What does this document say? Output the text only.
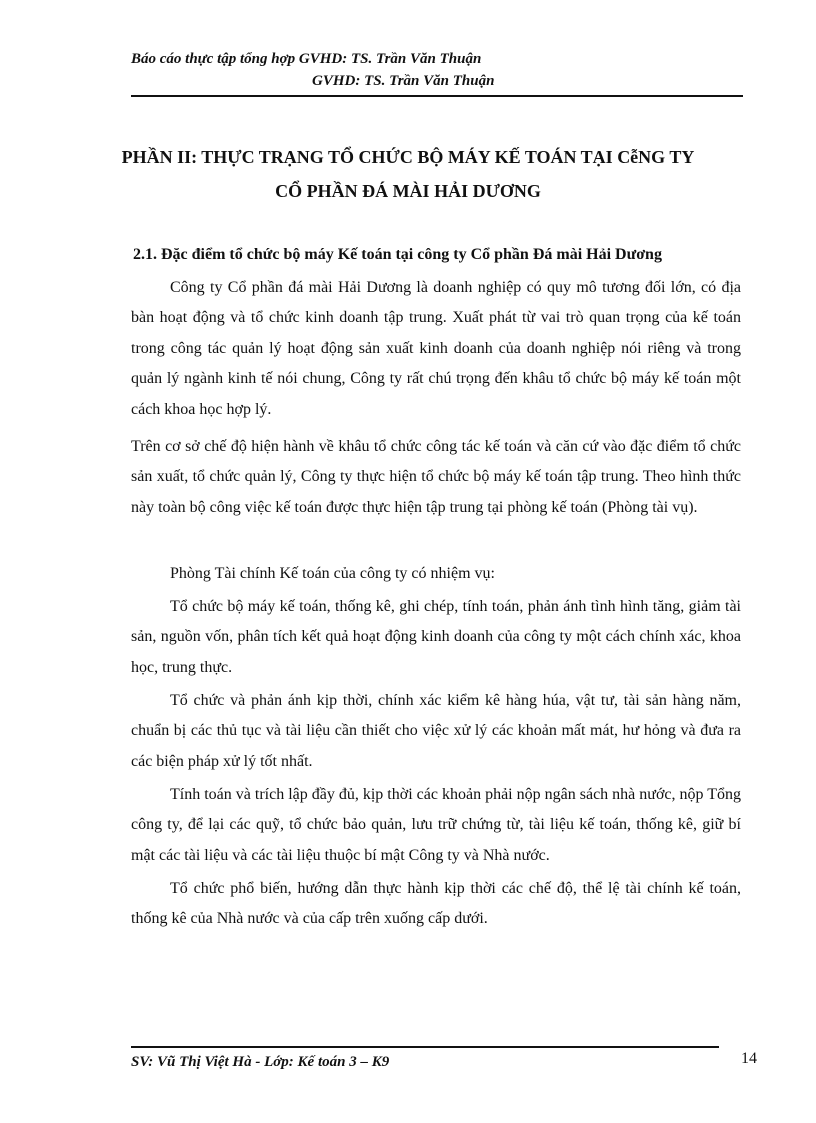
Báo cáo thực tập tổng hợp GVHD: TS. Trần Văn Thuận
GVHD: TS. Trần Văn Thuận
PHẦN II: THỰC TRẠNG TỔ CHỨC BỘ MÁY KẾ TOÁN TẠI CễNG TY
CỔ PHẦN ĐÁ MÀI HẢI DƯƠNG
2.1. Đặc điểm tổ chức bộ máy Kế toán tại công ty Cổ phần Đá mài Hải Dương

Công ty Cổ phần đá mài Hải Dương là doanh nghiệp có quy mô tương đối lớn, có địa bàn hoạt động và tổ chức kinh doanh tập trung. Xuất phát từ vai trò quan trọng của kế toán trong công tác quản lý hoạt động sản xuất kinh doanh của doanh nghiệp nói riêng và trong quản lý ngành kinh tế nói chung, Công ty rất chú trọng đến khâu tổ chức bộ máy kế toán một cách khoa học hợp lý.

Trên cơ sở chế độ hiện hành về khâu tổ chức công tác kế toán và căn cứ vào đặc điểm tổ chức sản xuất, tổ chức quản lý, Công ty thực hiện tổ chức bộ máy kế toán tập trung. Theo hình thức này toàn bộ công việc kế toán được thực hiện tập trung tại phòng kế toán (Phòng tài vụ).

Phòng Tài chính Kế toán của công ty có nhiệm vụ:

Tổ chức bộ máy kế toán, thống kê, ghi chép, tính toán, phản ánh tình hình tăng, giảm tài sản, nguồn vốn, phân tích kết quả hoạt động kinh doanh của công ty một cách chính xác, khoa học, trung thực.

Tổ chức và phản ánh kịp thời, chính xác kiểm kê hàng húa, vật tư, tài sản hàng năm, chuẩn bị các thủ tục và tài liệu cần thiết cho việc xử lý các khoản mất mát, hư hỏng và đưa ra các biện pháp xử lý tốt nhất.

Tính toán và trích lập đầy đủ, kịp thời các khoản phải nộp ngân sách nhà nước, nộp Tổng công ty, để lại các quỹ, tổ chức bảo quản, lưu trữ chứng từ, tài liệu kế toán, thống kê, giữ bí mật các tài liệu và các tài liệu thuộc bí mật Công ty và Nhà nước.

Tổ chức phổ biến, hướng dẫn thực hành kịp thời các chế độ, thể lệ tài chính kế toán, thống kê của Nhà nước và của cấp trên xuống cấp dưới.

SV: Vũ Thị Việt Hà - Lớp: Kế toán 3 – K9	14
